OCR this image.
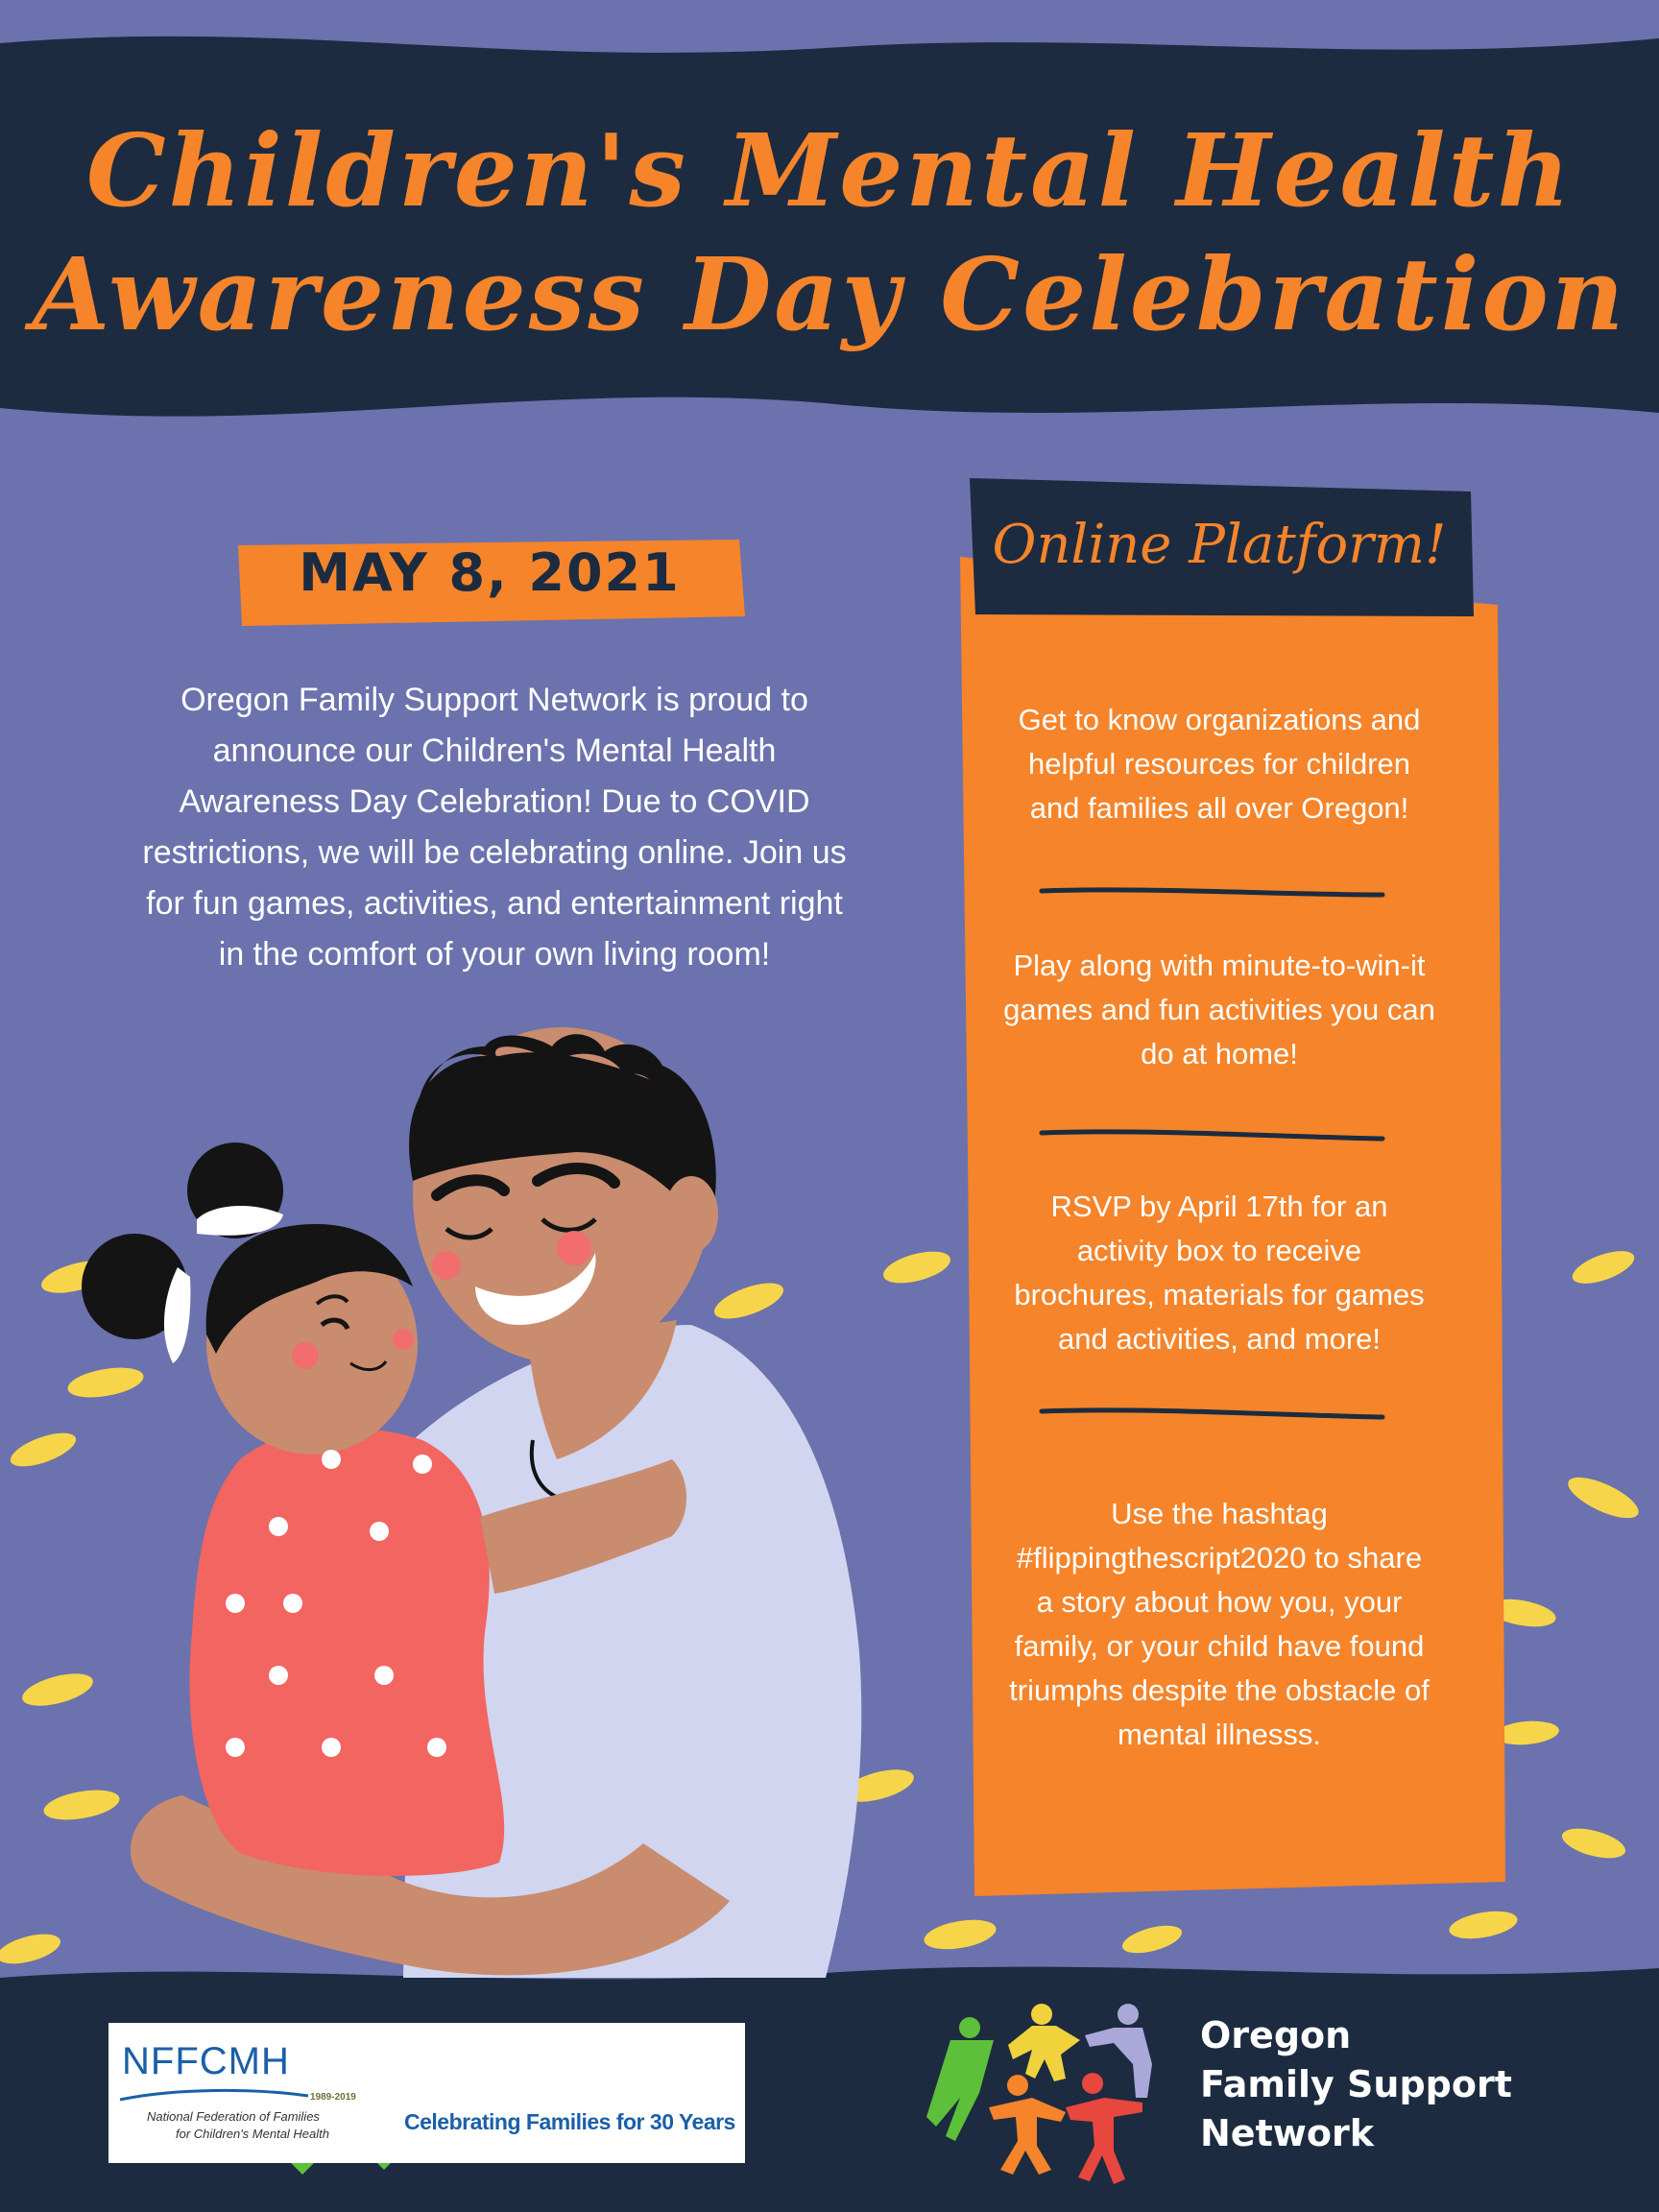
Children's Mental Health
Awareness Day Celebration
MAY 8, 2021
Oregon Family Support Network is proud to
announce our Children's Mental Health
Awareness Day Celebration! Due to COVID
restrictions, we will be celebrating online. Join us
for fun games, activities, and entertainment right
in the comfort of your own living room!
Online Platform!
Get to know organizations and
helpful resources for children
and families all over Oregon!
Play along with minute-to-win-it
games and fun activities you can
do at home!
RSVP by April 17th for an
activity box to receive
brochures, materials for games
and activities, and more!
Use the hashtag
#flippingthescript2020 to share
a story about how you, your
family, or your child have found
triumphs despite the obstacle of
mental illnesss.
NFFCMH
National Federation of Families
for Children's Mental Health
1989-2019
Celebrating Families for 30 Years
Oregon
Family Support
Network
